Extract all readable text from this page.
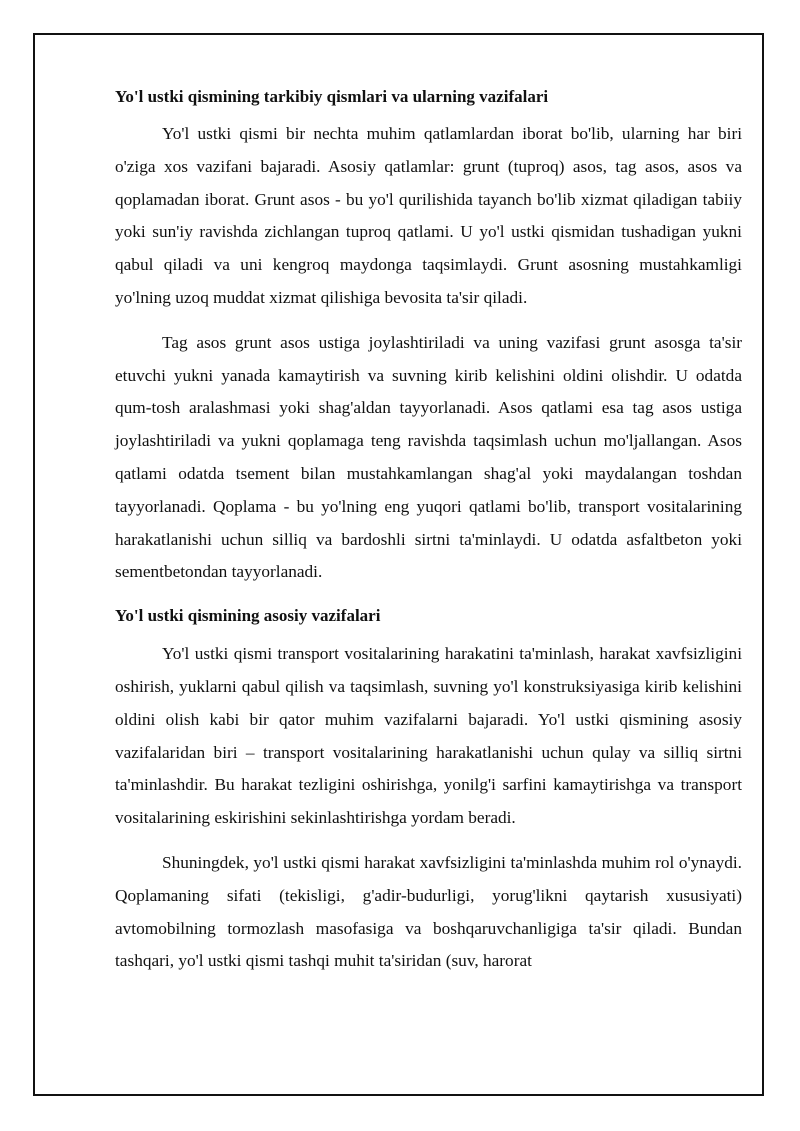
Yo'l ustki qismining tarkibiy qismlari va ularning vazifalari

Yo'l ustki qismi bir nechta muhim qatlamlardan iborat bo'lib, ularning har biri o'ziga xos vazifani bajaradi. Asosiy qatlamlar: grunt (tuproq) asos, tag asos, asos va qoplamadan iborat. Grunt asos - bu yo'l qurilishida tayanch bo'lib xizmat qiladigan tabiiy yoki sun'iy ravishda zichlangan tuproq qatlami. U yo'l ustki qismidan tushadigan yukni qabul qiladi va uni kengroq maydonga taqsimlaydi. Grunt asosning mustahkamligi yo'lning uzoq muddat xizmat qilishiga bevosita ta'sir qiladi.

Tag asos grunt asos ustiga joylashtiriladi va uning vazifasi grunt asosga ta'sir etuvchi yukni yanada kamaytirish va suvning kirib kelishini oldini olishdir. U odatda qum-tosh aralashmasi yoki shag'aldan tayyorlanadi. Asos qatlami esa tag asos ustiga joylashtiriladi va yukni qoplamaga teng ravishda taqsimlash uchun mo'ljallangan. Asos qatlami odatda tsement bilan mustahkamlangan shag'al yoki maydalangan toshdan tayyorlanadi. Qoplama - bu yo'lning eng yuqori qatlami bo'lib, transport vositalarining harakatlanishi uchun silliq va bardoshli sirtni ta'minlaydi. U odatda asfaltbeton yoki sementbetondan tayyorlanadi.

Yo'l ustki qismining asosiy vazifalari

Yo'l ustki qismi transport vositalarining harakatini ta'minlash, harakat xavfsizligini oshirish, yuklarni qabul qilish va taqsimlash, suvning yo'l konstruksiyasiga kirib kelishini oldini olish kabi bir qator muhim vazifalarni bajaradi. Yo'l ustki qismining asosiy vazifalaridan biri – transport vositalarining harakatlanishi uchun qulay va silliq sirtni ta'minlashdir. Bu harakat tezligini oshirishga, yonilg'i sarfini kamaytirishga va transport vositalarining eskirishini sekinlashtirishga yordam beradi.

Shuningdek, yo'l ustki qismi harakat xavfsizligini ta'minlashda muhim rol o'ynaydi. Qoplamaning sifati (tekisligi, g'adir-budurligi, yorug'likni qaytarish xususiyati) avtomobilning tormozlash masofasiga va boshqaruvchanligiga ta'sir qiladi. Bundan tashqari, yo'l ustki qismi tashqi muhit ta'siridan (suv, harorat
